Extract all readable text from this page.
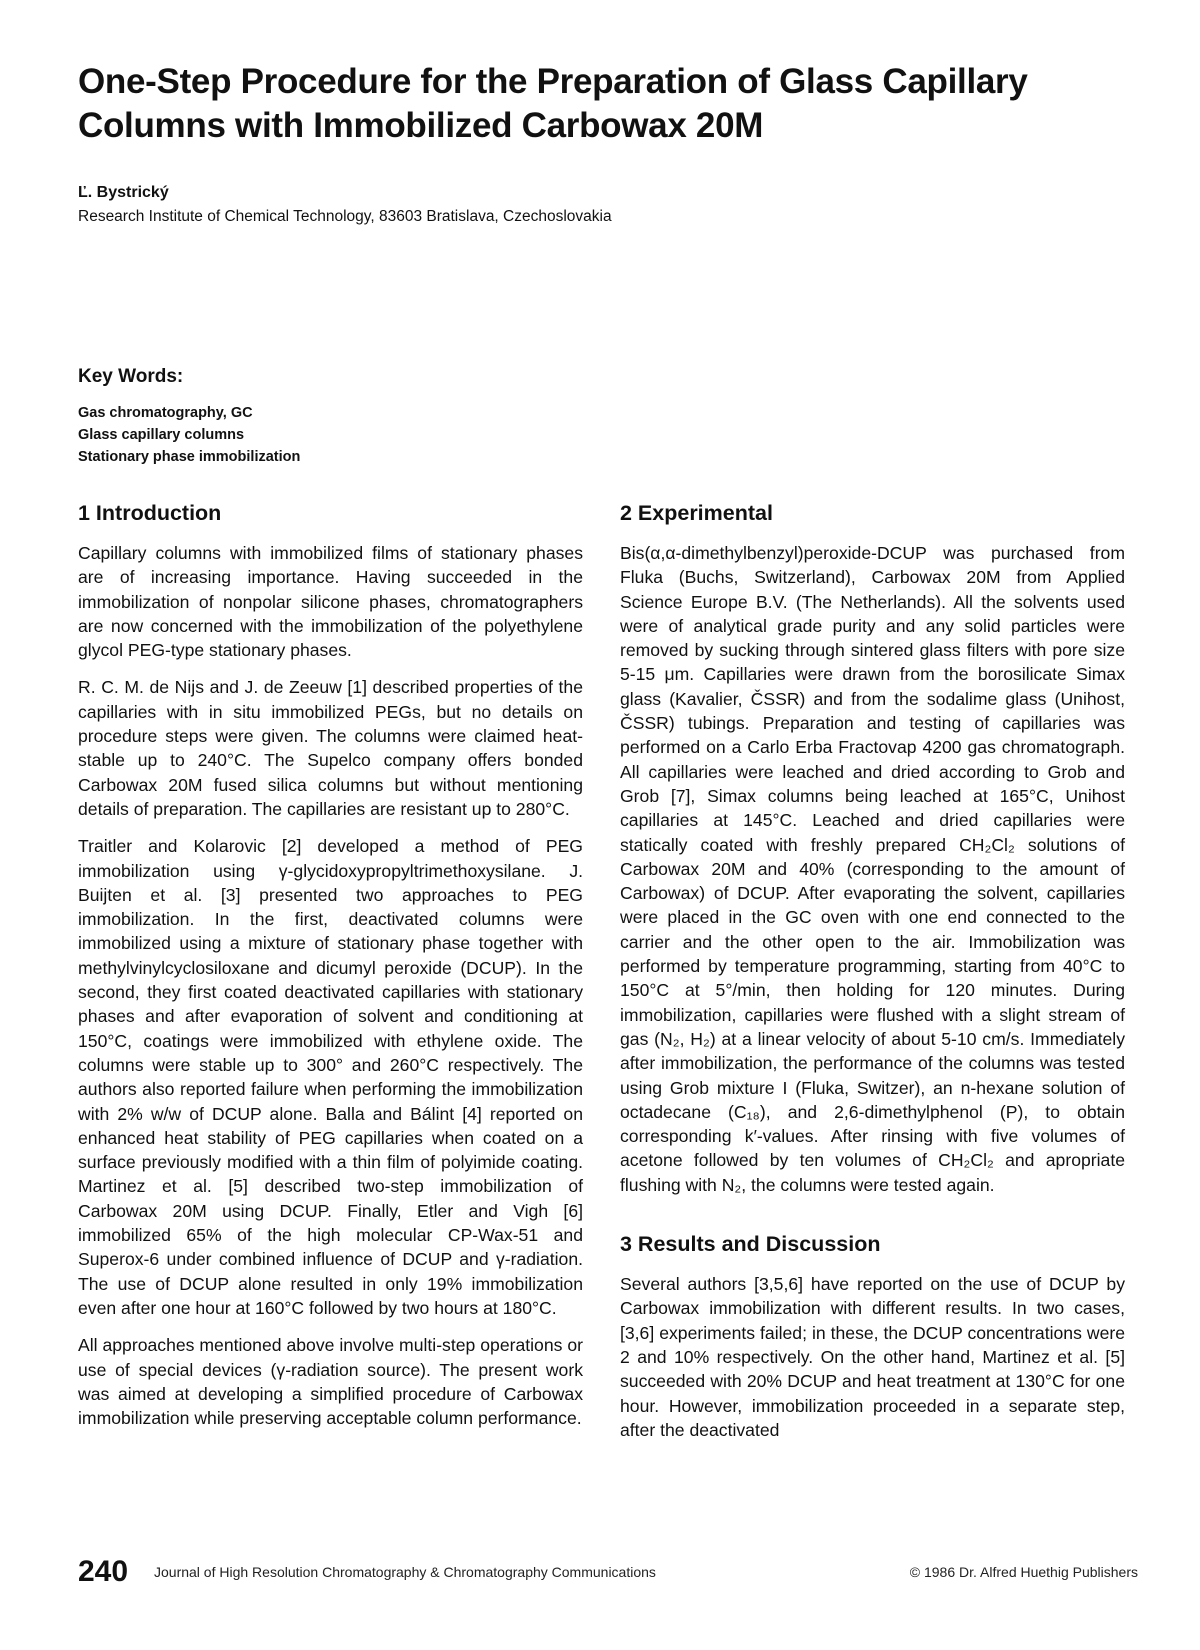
One-Step Procedure for the Preparation of Glass Capillary Columns with Immobilized Carbowax 20M
Ľ. Bystrický
Research Institute of Chemical Technology, 83603 Bratislava, Czechoslovakia
Key Words:
Gas chromatography, GC
Glass capillary columns
Stationary phase immobilization
1 Introduction

Capillary columns with immobilized films of stationary phases are of increasing importance. Having succeeded in the immobilization of nonpolar silicone phases, chromatographers are now concerned with the immobilization of the polyethylene glycol PEG-type stationary phases.

R. C. M. de Nijs and J. de Zeeuw [1] described properties of the capillaries with in situ immobilized PEGs, but no details on procedure steps were given. The columns were claimed heat-stable up to 240°C. The Supelco company offers bonded Carbowax 20M fused silica columns but without mentioning details of preparation. The capillaries are resistant up to 280°C.

Traitler and Kolarovic [2] developed a method of PEG immobilization using γ-glycidoxypropyltrimethoxysilane. J. Buijten et al. [3] presented two approaches to PEG immobilization. In the first, deactivated columns were immobilized using a mixture of stationary phase together with methylvinylcyclosiloxane and dicumyl peroxide (DCUP). In the second, they first coated deactivated capillaries with stationary phases and after evaporation of solvent and conditioning at 150°C, coatings were immobilized with ethylene oxide. The columns were stable up to 300° and 260°C respectively. The authors also reported failure when performing the immobilization with 2% w/w of DCUP alone. Balla and Bálint [4] reported on enhanced heat stability of PEG capillaries when coated on a surface previously modified with a thin film of polyimide coating. Martinez et al. [5] described two-step immobilization of Carbowax 20M using DCUP. Finally, Etler and Vigh [6] immobilized 65% of the high molecular CP-Wax-51 and Superox-6 under combined influence of DCUP and γ-radiation. The use of DCUP alone resulted in only 19% immobilization even after one hour at 160°C followed by two hours at 180°C.

All approaches mentioned above involve multi-step operations or use of special devices (γ-radiation source). The present work was aimed at developing a simplified procedure of Carbowax immobilization while preserving acceptable column performance.

2 Experimental

Bis(α,α-dimethylbenzyl)peroxide-DCUP was purchased from Fluka (Buchs, Switzerland), Carbowax 20M from Applied Science Europe B.V. (The Netherlands). All the solvents used were of analytical grade purity and any solid particles were removed by sucking through sintered glass filters with pore size 5-15 μm. Capillaries were drawn from the borosilicate Simax glass (Kavalier, ČSSR) and from the sodalime glass (Unihost, ČSSR) tubings. Preparation and testing of capillaries was performed on a Carlo Erba Fractovap 4200 gas chromatograph. All capillaries were leached and dried according to Grob and Grob [7], Simax columns being leached at 165°C, Unihost capillaries at 145°C. Leached and dried capillaries were statically coated with freshly prepared CH₂Cl₂ solutions of Carbowax 20M and 40% (corresponding to the amount of Carbowax) of DCUP. After evaporating the solvent, capillaries were placed in the GC oven with one end connected to the carrier and the other open to the air. Immobilization was performed by temperature programming, starting from 40°C to 150°C at 5°/min, then holding for 120 minutes. During immobilization, capillaries were flushed with a slight stream of gas (N₂, H₂) at a linear velocity of about 5-10 cm/s. Immediately after immobilization, the performance of the columns was tested using Grob mixture I (Fluka, Switzer), an n-hexane solution of octadecane (C₁₈), and 2,6-dimethylphenol (P), to obtain corresponding k′-values. After rinsing with five volumes of acetone followed by ten volumes of CH₂Cl₂ and apropriate flushing with N₂, the columns were tested again.

3 Results and Discussion

Several authors [3,5,6] have reported on the use of DCUP by Carbowax immobilization with different results. In two cases, [3,6] experiments failed; in these, the DCUP concentrations were 2 and 10% respectively. On the other hand, Martinez et al. [5] succeeded with 20% DCUP and heat treatment at 130°C for one hour. However, immobilization proceeded in a separate step, after the deactivated

240 Journal of High Resolution Chromatography & Chromatography Communications	© 1986 Dr. Alfred Huethig Publishers
